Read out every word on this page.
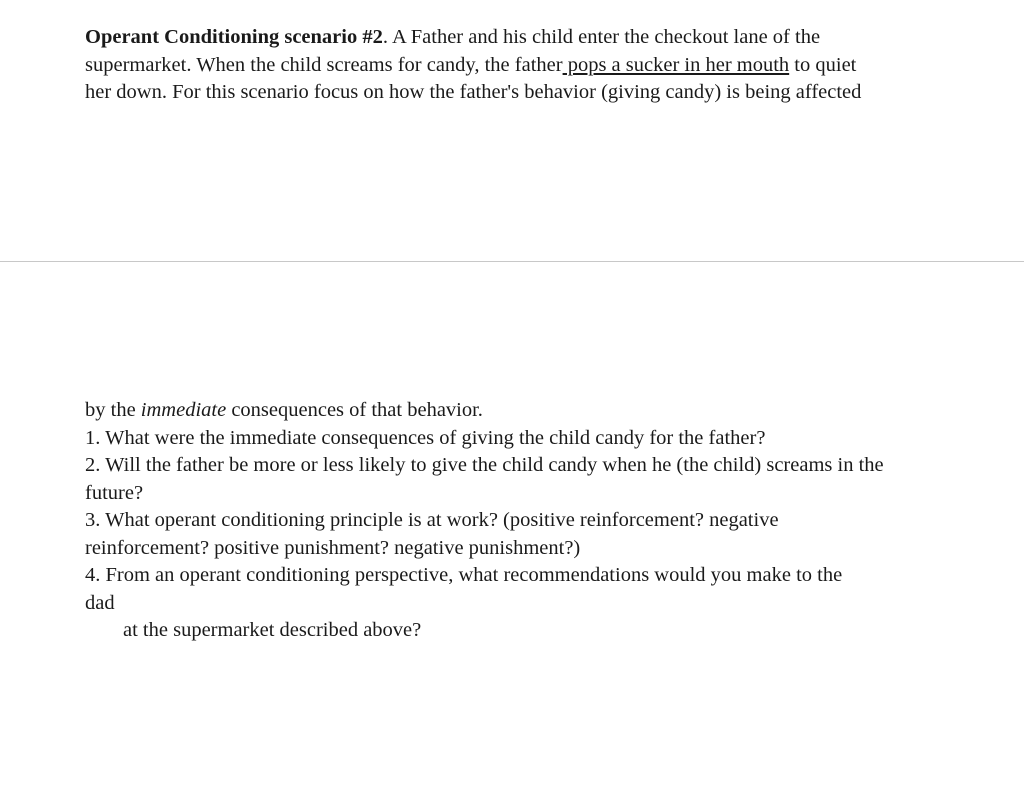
Operant Conditioning scenario #2. A Father and his child enter the checkout lane of the
supermarket. When the child screams for candy, the father pops a sucker in her mouth to quiet
her down. For this scenario focus on how the father's behavior (giving candy) is being affected

by the immediate consequences of that behavior.
1. What were the immediate consequences of giving the child candy for the father?
2. Will the father be more or less likely to give the child candy when he (the child) screams in the
future?
3. What operant conditioning principle is at work? (positive reinforcement? negative
reinforcement? positive punishment? negative punishment?)
4. From an operant conditioning perspective, what recommendations would you make to the
dad
at the supermarket described above?
